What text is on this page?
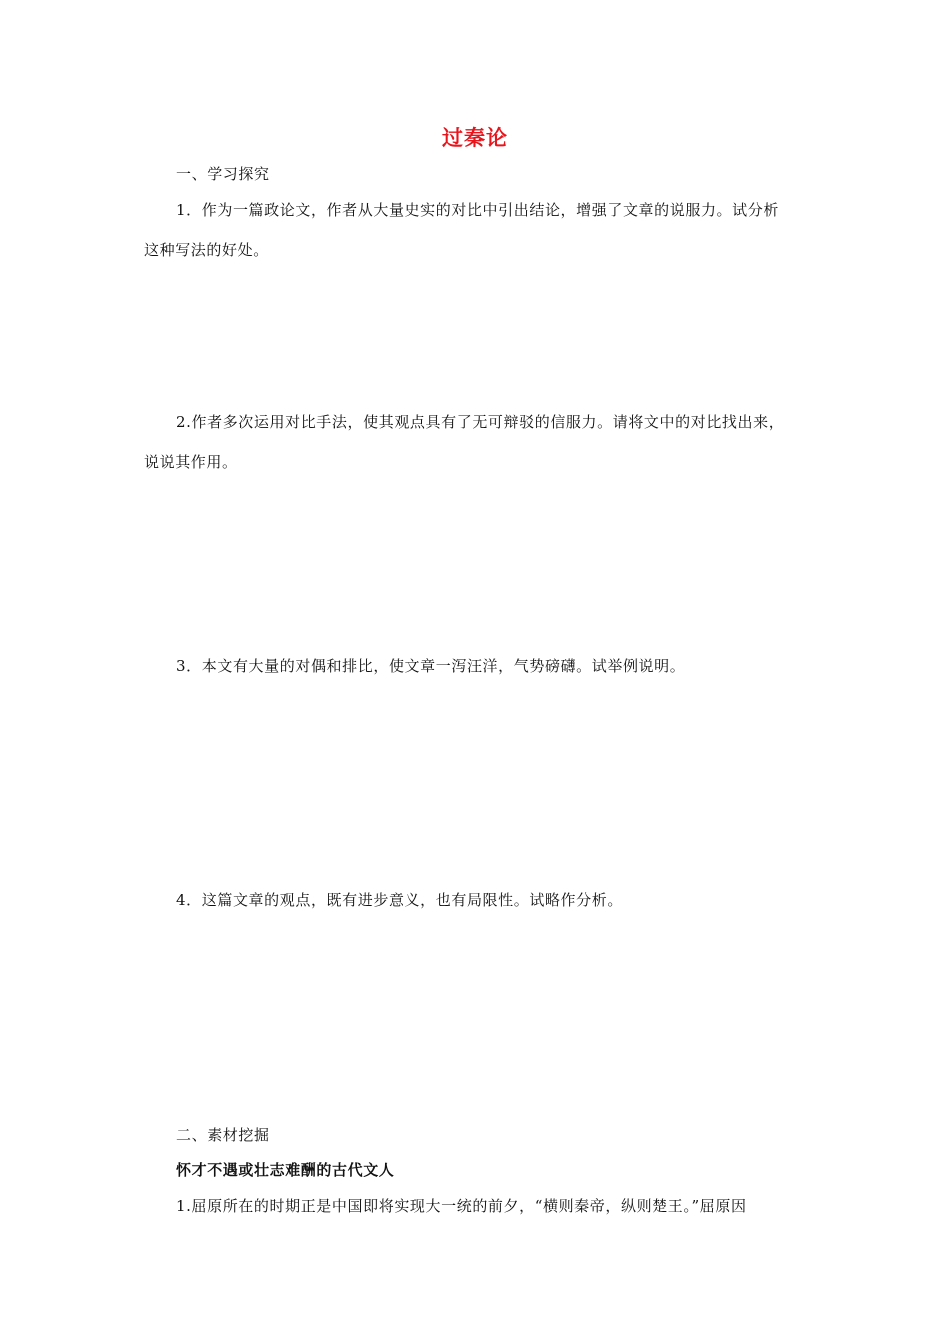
过秦论
一、学习探究
1．作为一篇政论文，作者从大量史实的对比中引出结论，增强了文章的说服力。试分析
这种写法的好处。
2.作者多次运用对比手法，使其观点具有了无可辩驳的信服力。请将文中的对比找出来，
说说其作用。
3．本文有大量的对偶和排比，使文章一泻汪洋，气势磅礴。试举例说明。
4．这篇文章的观点，既有进步意义，也有局限性。试略作分析。
二、素材挖掘
怀才不遇或壮志难酬的古代文人
1.屈原所在的时期正是中国即将实现大一统的前夕，“横则秦帝，纵则楚王。”屈原因
